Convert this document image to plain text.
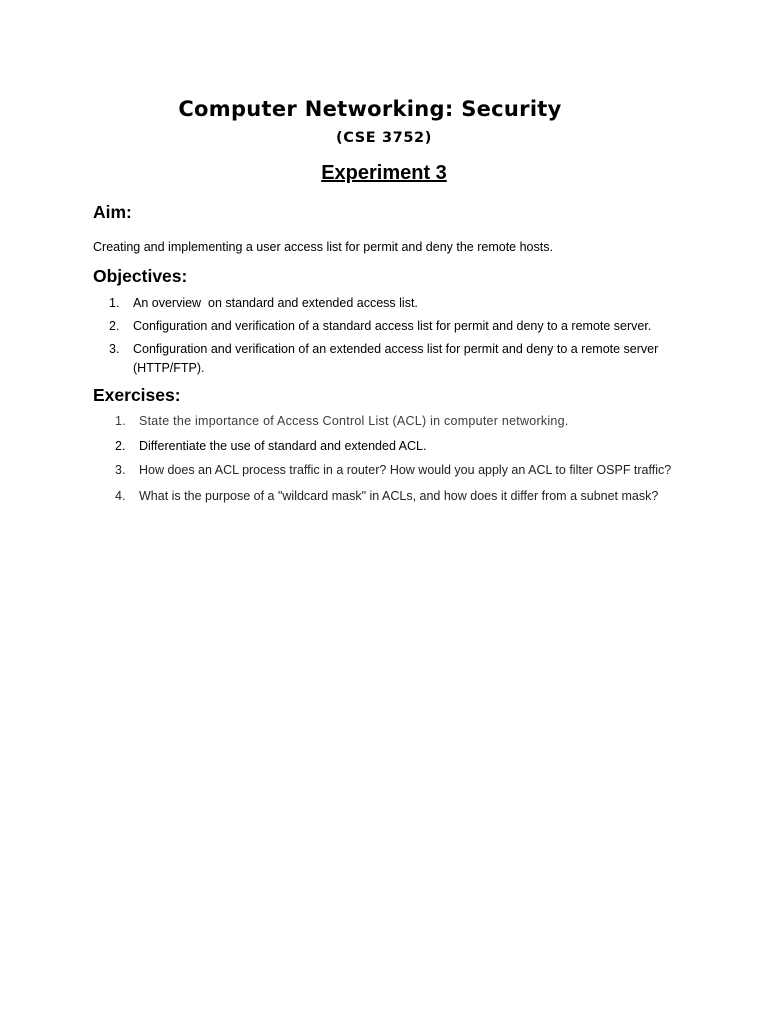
Computer Networking: Security
(CSE 3752)
Experiment 3
Aim:
Creating and implementing a user access list for permit and deny the remote hosts.
Objectives:
1. An overview  on standard and extended access list.
2. Configuration and verification of a standard access list for permit and deny to a remote server.
3. Configuration and verification of an extended access list for permit and deny to a remote server (HTTP/FTP).
Exercises:
1. State the importance of Access Control List (ACL) in computer networking.
2. Differentiate the use of standard and extended ACL.
3. How does an ACL process traffic in a router? How would you apply an ACL to filter OSPF traffic?
4. What is the purpose of a "wildcard mask" in ACLs, and how does it differ from a subnet mask?
